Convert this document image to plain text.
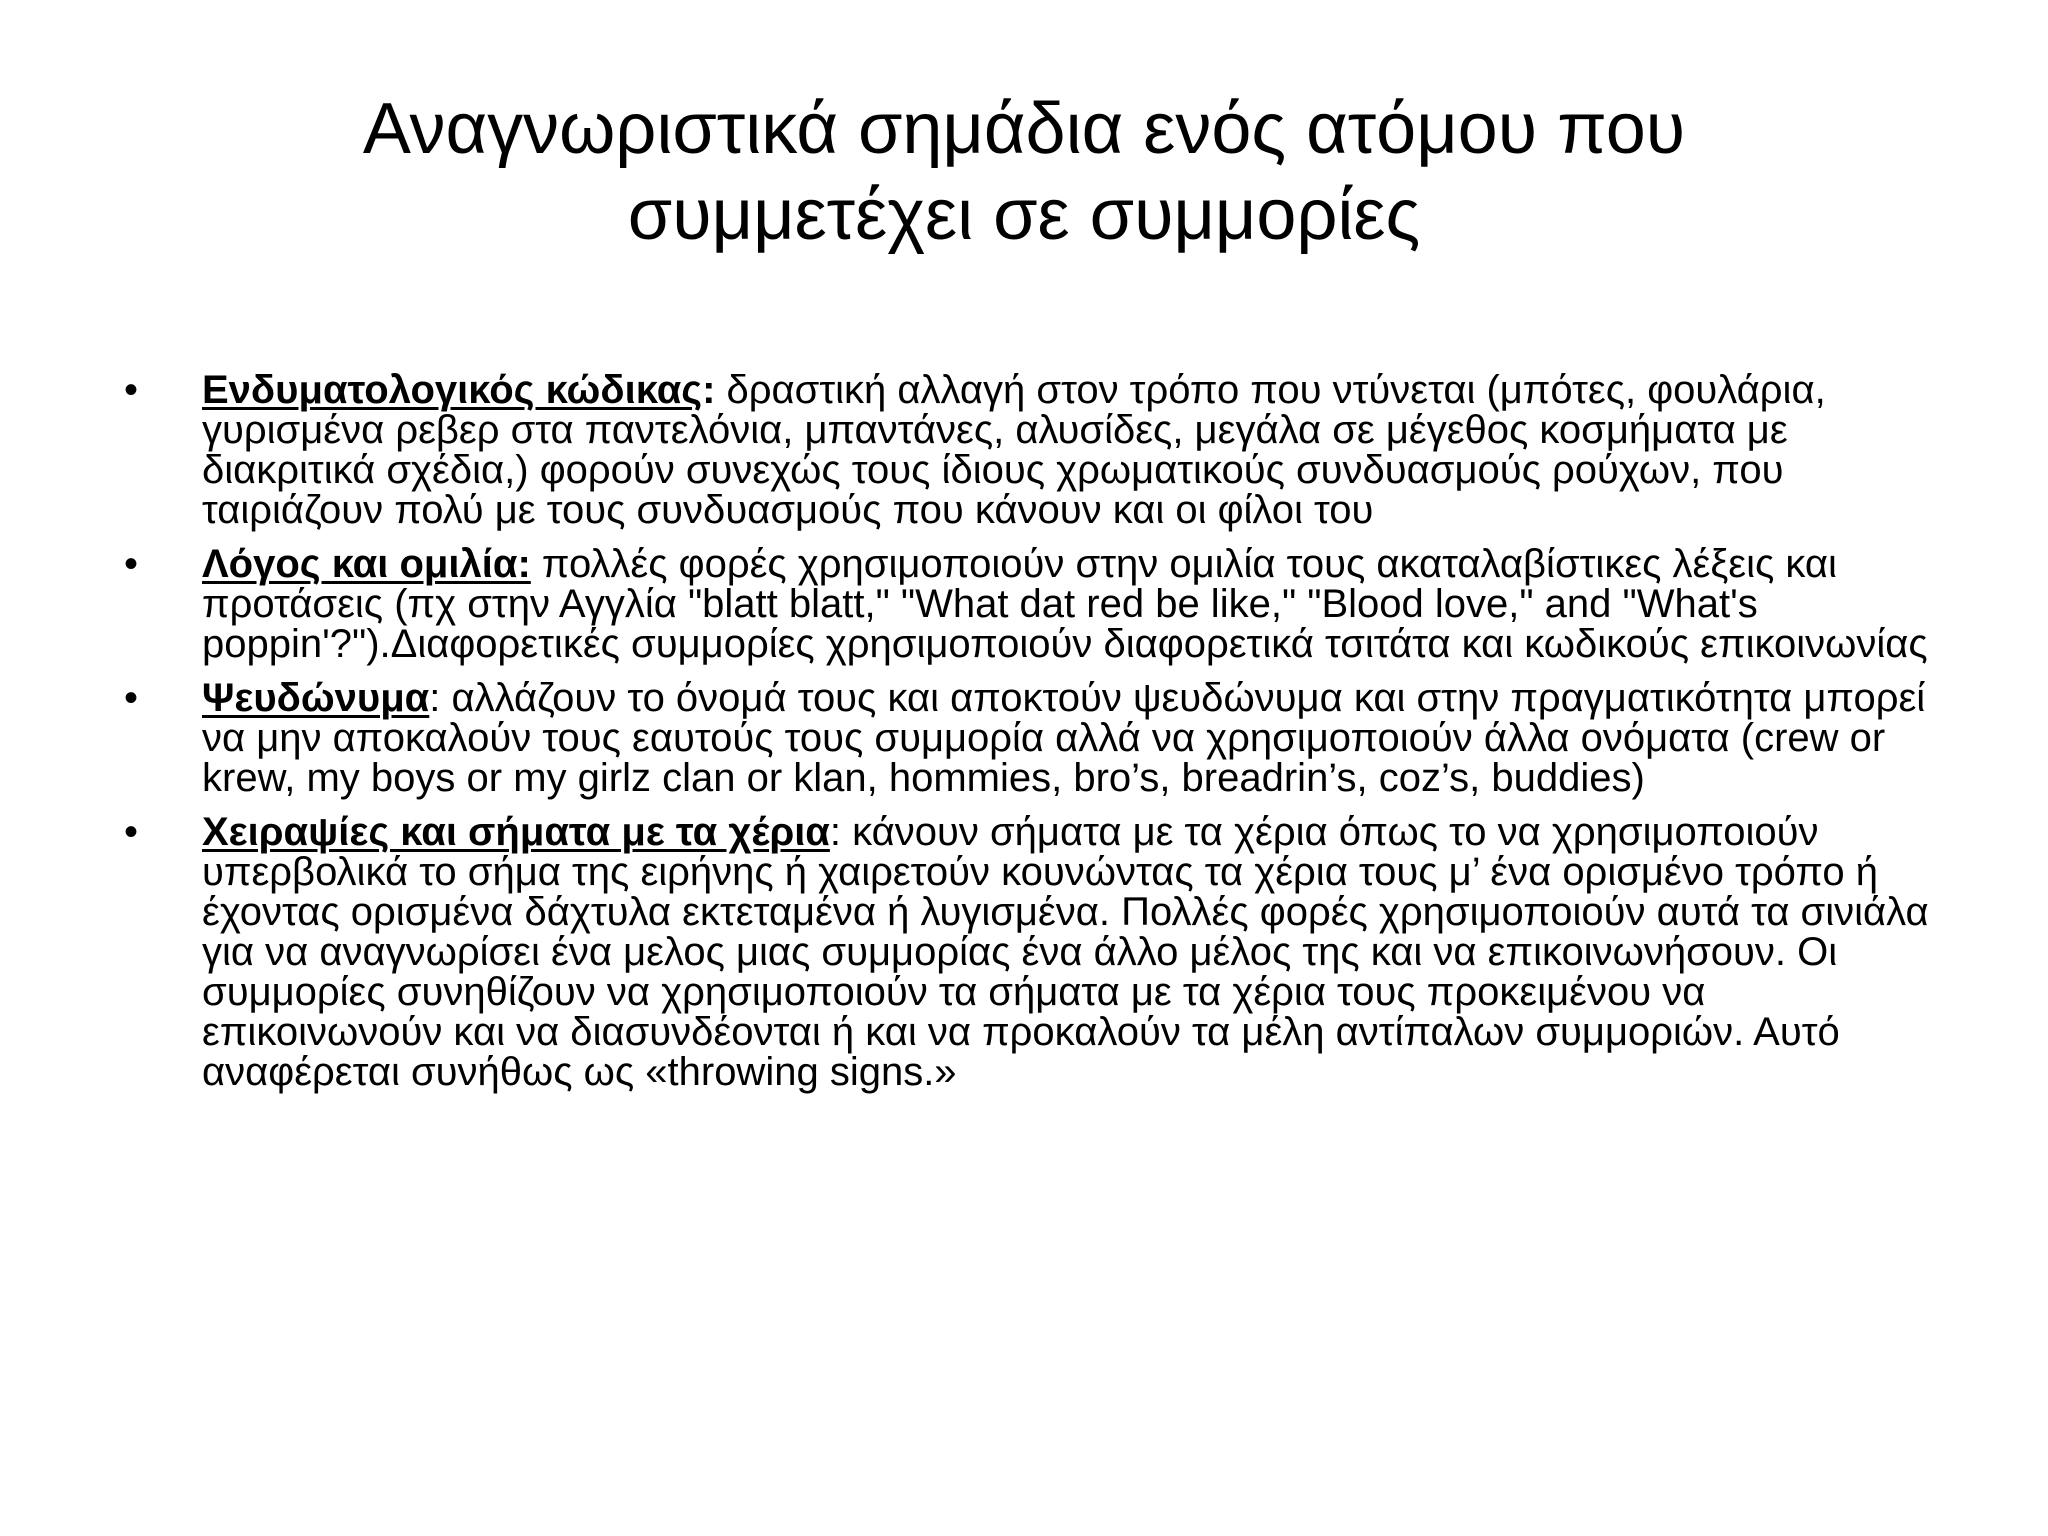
Αναγνωριστικά σημάδια ενός ατόμου που
συμμετέχει σε συμμορίες
• Ενδυματολογικός κώδικας: δραστική αλλαγή στον τρόπο που ντύνεται (μπότες, φουλάρια, γυρισμένα ρεβερ στα παντελόνια, μπαντάνες, αλυσίδες, μεγάλα σε μέγεθος κοσμήματα με διακριτικά σχέδια,) φορούν συνεχώς τους ίδιους χρωματικούς συνδυασμούς ρούχων, που ταιριάζουν πολύ με τους συνδυασμούς που κάνουν και οι φίλοι του
• Λόγος και ομιλία: πολλές φορές χρησιμοποιούν στην ομιλία τους ακαταλαβίστικες λέξεις και προτάσεις (πχ στην Αγγλία "blatt blatt," "What dat red be like," "Blood love," and "What's poppin'?").Διαφορετικές συμμορίες χρησιμοποιούν διαφορετικά τσιτάτα και κωδικούς επικοινωνίας
• Ψευδώνυμα: αλλάζουν το όνομά τους και αποκτούν ψευδώνυμα και στην πραγματικότητα μπορεί να μην αποκαλούν τους εαυτούς τους συμμορία αλλά να χρησιμοποιούν άλλα ονόματα (crew or krew, my boys or my girlz clan or klan, hommies, bro’s, breadrin’s, coz’s, buddies)
• Χειραψίες και σήματα με τα χέρια: κάνουν σήματα με τα χέρια όπως το να χρησιμοποιούν υπερβολικά το σήμα της ειρήνης ή χαιρετούν κουνώντας τα χέρια τους μ’ ένα ορισμένο τρόπο ή έχοντας ορισμένα δάχτυλα εκτεταμένα ή λυγισμένα. Πολλές φορές χρησιμοποιούν αυτά τα σινιάλα για να αναγνωρίσει ένα μελος μιας συμμορίας ένα άλλο μέλος της και να επικοινωνήσουν. Οι συμμορίες συνηθίζουν να χρησιμοποιούν τα σήματα με τα χέρια τους προκειμένου να επικοινωνούν και να διασυνδέονται ή και να προκαλούν τα μέλη αντίπαλων συμμοριών. Αυτό αναφέρεται συνήθως ως «throwing signs.»
